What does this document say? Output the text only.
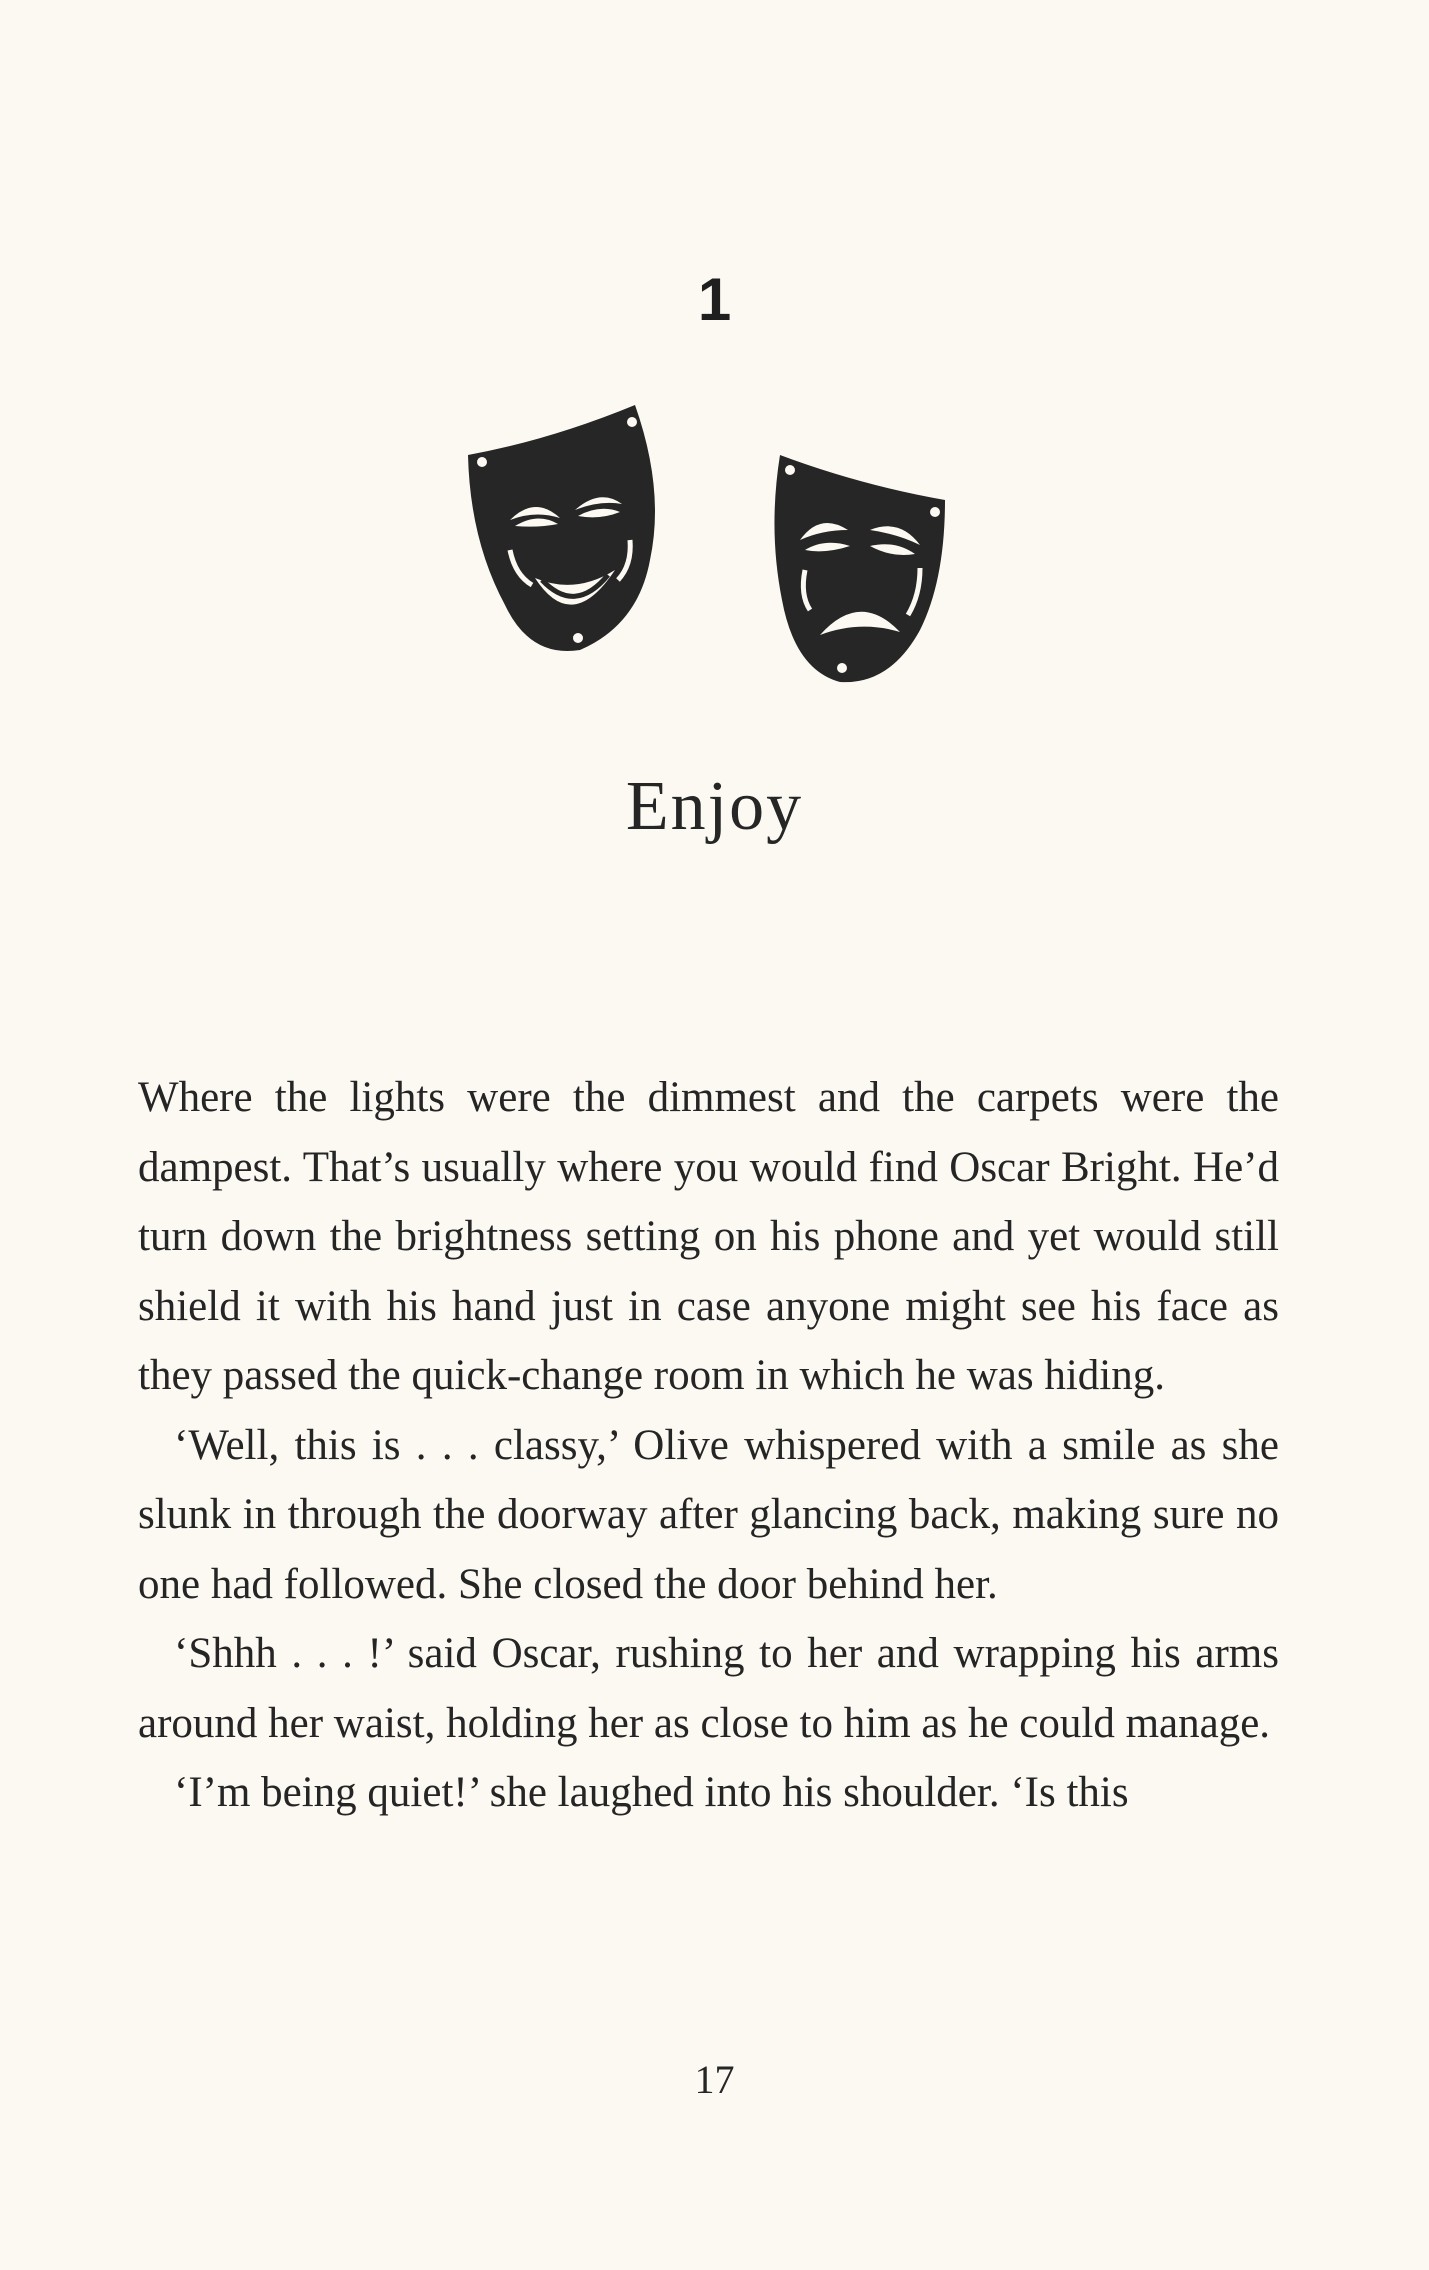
1
Enjoy

Where the lights were the dimmest and the carpets were the dampest. That’s usually where you would find Oscar Bright. He’d turn down the brightness setting on his phone and yet would still shield it with his hand just in case anyone might see his face as they passed the quick-change room in which he was hiding.

‘Well, this is . . . classy,’ Olive whispered with a smile as she slunk in through the doorway after glancing back, making sure no one had followed. She closed the door behind her.

‘Shhh . . . !’ said Oscar, rushing to her and wrapping his arms around her waist, holding her as close to him as he could manage.

‘I’m being quiet!’ she laughed into his shoulder. ‘Is this

17
